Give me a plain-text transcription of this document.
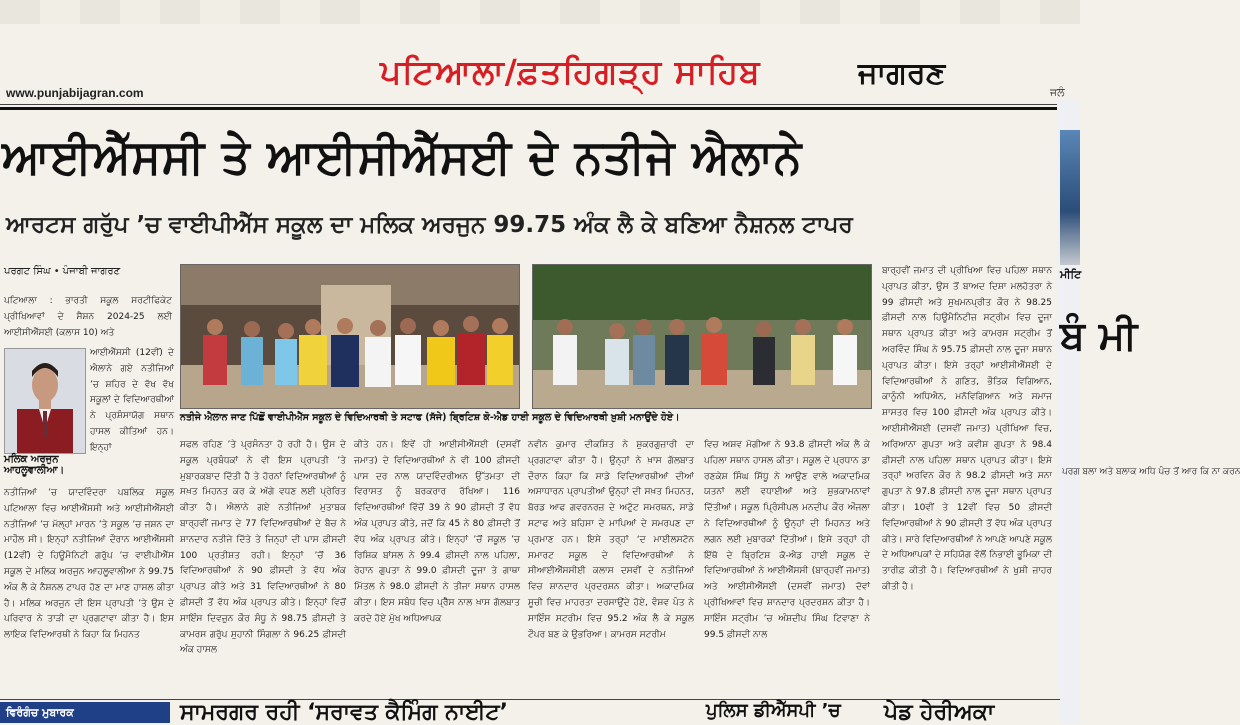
www.punjabijagran.com
ਪਟਿਆਲਾ/ਫ਼ਤਹਿਗੜ੍ਹ ਸਾਹਿਬ	ਜਾਗਰਣ
ਜਲੰ
ਆਈਐੱਸਸੀ ਤੇ ਆਈਸੀਐੱਸਈ ਦੇ ਨਤੀਜੇ ਐਲਾਨੇ
ਆਰਟਸ ਗਰੁੱਪ ’ਚ ਵਾਈਪੀਐੱਸ ਸਕੂਲ ਦਾ ਮਲਿਕ ਅਰਜੁਨ 99.75 ਅੰਕ ਲੈ ਕੇ ਬਣਿਆ ਨੈਸ਼ਨਲ ਟਾਪਰ
ਪਰਗਟ ਸਿੰਘ • ਪੰਜਾਬੀ ਜਾਗਰਣ
ਪਟਿਆਲਾ : ਭਾਰਤੀ ਸਕੂਲ ਸਰਟੀਫਿਕੇਟ ਪ੍ਰੀਖਿਆਵਾਂ ਦੇ ਸੈਸ਼ਨ 2024-25 ਲਈ ਆਈਸੀਐੱਸਈ (ਕਲਾਸ 10) ਅਤੇ
ਮਲਿਕ ਅਰਜੁਨ ਆਹਲੂਵਾਲੀਆ।
ਆਈਐੱਸਸੀ (12ਵੀਂ) ਦੇ ਐਲਾਨੇ ਗਏ ਨਤੀਜਿਆਂ ’ਚ ਸ਼ਹਿਰ ਦੇ ਵੱਖ ਵੱਖ ਸਕੂਲਾਂ ਦੇ ਵਿਦਿਆਰਥੀਆਂ ਨੇ ਪ੍ਰਸ਼ੰਸਾਯੋਗ ਸਥਾਨ ਹਾਸਲ ਕੀਤਿਆਂ ਹਨ। ਇਨ੍ਹਾਂ
ਨਤੀਜਿਆਂ ’ਚ ਯਾਦਵਿੰਦਰਾ ਪਬਲਿਕ ਸਕੂਲ ਪਟਿਆਲਾ ਵਿਚ ਆਈਐੱਸਸੀ ਅਤੇ ਆਈਸੀਐੱਸਈ ਨਤੀਜਿਆਂ ’ਚ ਮੱਲ੍ਹਾਂ ਮਾਰਨ ’ਤੇ ਸਕੂਲ ’ਚ ਜਸ਼ਨ ਦਾ ਮਾਹੌਲ ਸੀ। ਇਨ੍ਹਾਂ ਨਤੀਜਿਆਂ ਦੌਰਾਨ ਆਈਐੱਸਸੀ (12ਵੀਂ) ਦੇ ਹਿਊਮੈਨਿਟੀ ਗਰੁੱਪ ’ਚ ਵਾਈਪੀਐੱਸ ਸਕੂਲ ਦੇ ਮਲਿਕ ਅਰਜੁਨ ਆਹਲੂਵਾਲੀਆ ਨੇ 99.75 ਅੰਕ ਲੈ ਕੇ ਨੈਸ਼ਨਲ ਟਾਪਰ ਹੋਣ ਦਾ ਮਾਣ ਹਾਸਲ ਕੀਤਾ ਹੈ। ਮਲਿਕ ਅਰਜੁਨ ਦੀ ਇਸ ਪ੍ਰਾਪਤੀ ’ਤੇ ਉਸ ਦੇ ਪਰਿਵਾਰ ਨੇ ਤਾੜੀ ਦਾ ਪ੍ਰਗਟਾਵਾ ਕੀਤਾ ਹੈ। ਇਸ ਲਾਇਕ ਵਿਦਿਆਰਥੀ ਨੇ ਕਿਹਾ ਕਿ ਮਿਹਨਤ
ਨਤੀਜੇ ਐਲਾਨ ਜਾਣ ਪਿੱਛੋਂ ਵਾਈਪੀਐੱਸ ਸਕੂਲ ਦੇ ਵਿਦਿਆਰਥੀ ਤੇ ਸਟਾਫ (ਸੱਜੇ) ਬ੍ਰਿਟਿਸ਼ ਕੋ-ਐਡ ਹਾਈ ਸਕੂਲ ਦੇ ਵਿਦਿਆਰਥੀ ਖ਼ੁਸ਼ੀ ਮਨਾਉਂਦੇ ਹੋਏ।
ਸਫਲ ਰਹਿਣ ’ਤੇ ਪ੍ਰਸੰਨਤਾ ਹੋ ਰਹੀ ਹੈ। ਉਸ ਦੇ ਸਕੂਲ ਪ੍ਰਬੰਧਕਾਂ ਨੇ ਵੀ ਇਸ ਪ੍ਰਾਪਤੀ ’ਤੇ ਮੁਬਾਰਕਬਾਦ ਦਿੱਤੀ ਹੈ ਤੇ ਹੋਰਨਾਂ ਵਿਦਿਆਰਥੀਆਂ ਨੂੰ ਸਖ਼ਤ ਮਿਹਨਤ ਕਰ ਕੇ ਅੱਗੇ ਵਧਣ ਲਈ ਪ੍ਰੇਰਿਤ ਕੀਤਾ ਹੈ। ਐਲਾਨੇ ਗਏ ਨਤੀਜਿਆਂ ਮੁਤਾਬਕ ਬਾਰ੍ਹਵੀਂ ਜਮਾਤ ਦੇ 77 ਵਿਦਿਆਰਥੀਆਂ ਦੇ ਬੈਚ ਨੇ ਸ਼ਾਨਦਾਰ ਨਤੀਜੇ ਦਿੱਤੇ ਤੇ ਜਿਨ੍ਹਾਂ ਦੀ ਪਾਸ ਫ਼ੀਸਦੀ 100 ਪ੍ਰਤੀਸ਼ਤ ਰਹੀ। ਇਨ੍ਹਾਂ ’ਚੋਂ 36 ਵਿਦਿਆਰਥੀਆਂ ਨੇ 90 ਫ਼ੀਸਦੀ ਤੇ ਵੱਧ ਅੰਕ ਪ੍ਰਾਪਤ ਕੀਤੇ ਅਤੇ 31 ਵਿਦਿਆਰਥੀਆਂ ਨੇ 80 ਫ਼ੀਸਦੀ ਤੋਂ ਵੱਧ ਅੰਕ ਪ੍ਰਾਪਤ ਕੀਤੇ। ਇਨ੍ਹਾਂ ਵਿਚੋਂ ਸਾਇੰਸ ਦਿਵਜ਼ੁਨ ਕੌਰ ਸੰਧੂ ਨੇ 98.75 ਫ਼ੀਸਦੀ ਤੇ ਕਾਮਰਸ ਗਰੁੱਪ ਸੁਹਾਨੀ ਸਿੰਗਲਾ ਨੇ 96.25 ਫ਼ੀਸਦੀ ਅੰਕ ਹਾਸਲ
ਕੀਤੇ ਹਨ। ਇਵੇਂ ਹੀ ਆਈਸੀਐੱਸਈ (ਦਸਵੀਂ ਜਮਾਤ) ਦੇ ਵਿਦਿਆਰਥੀਆਂ ਨੇ ਵੀ 100 ਫ਼ੀਸਦੀ ਪਾਸ ਦਰ ਨਾਲ ਯਾਦਵਿੰਦਰੀਅਨ ਉੱਤਮਤਾ ਦੀ ਵਿਰਾਸਤ ਨੂੰ ਬਰਕਰਾਰ ਰੱਖਿਆ। 116 ਵਿਦਿਆਰਥੀਆਂ ਵਿੱਚੋਂ 39 ਨੇ 90 ਫ਼ੀਸਦੀ ਤੋਂ ਵੱਧ ਅੰਕ ਪ੍ਰਾਪਤ ਕੀਤੇ, ਜਦੋਂ ਕਿ 45 ਨੇ 80 ਫ਼ੀਸਦੀ ਤੋਂ ਵੱਧ ਅੰਕ ਪ੍ਰਾਪਤ ਕੀਤੇ। ਇਨ੍ਹਾਂ ’ਚੋਂ ਸਕੂਲ ’ਚ ਰਿਸ਼ਿਕ ਬਾਂਸਲ ਨੇ 99.4 ਫ਼ੀਸਦੀ ਨਾਲ ਪਹਿਲਾ, ਰੇਹਾਨ ਗੁਪਤਾ ਨੇ 99.0 ਫ਼ੀਸਦੀ ਦੂਜਾ ਤੇ ਗਾਥਾ ਮਿੱਤਲ ਨੇ 98.0 ਫ਼ੀਸਦੀ ਨੇ ਤੀਜਾ ਸਥਾਨ ਹਾਸਲ ਕੀਤਾ। ਇਸ ਸਬੰਧ ਵਿਚ ਪ੍ਰੈੱਸ ਨਾਲ ਖ਼ਾਸ ਗੱਲਬਾਤ ਕਰਦੇ ਹੋਏ ਮੁੱਖ ਅਧਿਆਪਕ
ਨਵੀਨ ਕੁਮਾਰ ਦੀਕਸ਼ਿਤ ਨੇ ਸ਼ੁਕਰਗੁਜ਼ਾਰੀ ਦਾ ਪ੍ਰਗਟਾਵਾ ਕੀਤਾ ਹੈ। ਉਨ੍ਹਾਂ ਨੇ ਖ਼ਾਸ ਗੱਲਬਾਤ ਦੌਰਾਨ ਕਿਹਾ ਕਿ ਸਾਡੇ ਵਿਦਿਆਰਥੀਆਂ ਦੀਆਂ ਅਸਾਧਾਰਨ ਪ੍ਰਾਪਤੀਆਂ ਉਨ੍ਹਾਂ ਦੀ ਸਖ਼ਤ ਮਿਹਨਤ, ਬੋਰਡ ਆਫ ਗਵਰਨਰਜ਼ ਦੇ ਅਟੁੱਟ ਸਮਰਥਨ, ਸਾਡੇ ਸਟਾਫ ਅਤੇ ਬਹਿਸਾ ਦੇ ਮਾਪਿਆਂ ਦੇ ਸਮਰਪਣ ਦਾ ਪ੍ਰਮਾਣ ਹਨ। ਇਸੇ ਤਰ੍ਹਾਂ ‘ਦ ਮਾਈਲਸਟੋਨ ਸਮਾਰਟ ਸਕੂਲ ਦੇ ਵਿਦਿਆਰਥੀਆਂ ਨੇ ਸੀਆਈਐੱਸਸੀਈ ਕਲਾਸ ਦਸਵੀਂ ਦੇ ਨਤੀਜਿਆਂ ਵਿਚ ਸ਼ਾਨਦਾਰ ਪ੍ਰਦਰਸ਼ਨ ਕੀਤਾ। ਅਕਾਦਮਿਕ ਸੂਚੀ ਵਿਚ ਮਾਹਰਤਾ ਦਰਸਾਉਂਦੇ ਹੋਏ, ਵੰਸ਼ਵ ਪੰਤ ਨੇ ਸਾਇੰਸ ਸਟਰੀਮ ਵਿਚ 95.2 ਅੰਕ ਲੈ ਕੇ ਸਕੂਲ ਟੌਪਰ ਬਣ ਕੇ ਉਭਰਿਆ। ਕਾਮਰਸ ਸਟਰੀਮ
ਵਿਚ ਅਸ਼ਵ ਮੋਗੀਆ ਨੇ 93.8 ਫ਼ੀਸਦੀ ਅੰਕ ਲੈ ਕੇ ਪਹਿਲਾ ਸਥਾਨ ਹਾਸਲ ਕੀਤਾ। ਸਕੂਲ ਦੇ ਪ੍ਰਧਾਨ ਡਾ ਰਣਕੇਸ਼ ਸਿੰਘ ਸਿੱਧੂ ਨੇ ਆਉਣ ਵਾਲੇ ਅਕਾਦਮਿਕ ਯਤਨਾਂ ਲਈ ਵਧਾਈਆਂ ਅਤੇ ਸ਼ੁਭਕਾਮਨਾਵਾਂ ਦਿੱਤੀਆਂ। ਸਕੂਲ ਪ੍ਰਿੰਸੀਪਲ ਮਨਦੀਪ ਕੌਰ ਔਜਲਾ ਨੇ ਵਿਦਿਆਰਥੀਆਂ ਨੂੰ ਉਨ੍ਹਾਂ ਦੀ ਮਿਹਨਤ ਅਤੇ ਲਗਨ ਲਈ ਮੁਬਾਰਕਾਂ ਦਿੱਤੀਆਂ। ਇਸੇ ਤਰ੍ਹਾਂ ਹੀ ਇੱਥੋ ਦੇ ਬ੍ਰਿਟਿਸ਼ ਕੋ-ਐਡ ਹਾਈ ਸਕੂਲ ਦੇ ਵਿਦਿਆਰਥੀਆਂ ਨੇ ਆਈਐੱਸਸੀ (ਬਾਰ੍ਹਵੀਂ ਜਮਾਤ) ਅਤੇ ਆਈਸੀਐੱਸਈ (ਦਸਵੀਂ ਜਮਾਤ) ਦੋਵਾਂ ਪ੍ਰੀਖਿਆਵਾਂ ਵਿਚ ਸ਼ਾਨਦਾਰ ਪ੍ਰਦਰਸ਼ਨ ਕੀਤਾ ਹੈ। ਸਾਇੰਸ ਸਟ੍ਰੀਮ ’ਚ ਅੰਸ਼ਦੀਪ ਸਿੰਘ ਟਿਵਾਣਾ ਨੇ 99.5 ਫ਼ੀਸਦੀ ਨਾਲ
ਬਾਰ੍ਹਵੀਂ ਜਮਾਤ ਦੀ ਪ੍ਰੀਖਿਆ ਵਿਚ ਪਹਿਲਾ ਸਥਾਨ ਪ੍ਰਾਪਤ ਕੀਤਾ, ਉਸ ਤੋਂ ਬਾਅਦ ਦਿਸ਼ਾ ਮਲਹੋਤਰਾ ਨੇ 99 ਫ਼ੀਸਦੀ ਅਤੇ ਸੁਖਮਨਪ੍ਰੀਤ ਕੌਰ ਨੇ 98.25 ਫ਼ੀਸਦੀ ਨਾਲ ਹਿਊਮੈਨਿਟੀਜ਼ ਸਟ੍ਰੀਮ ਵਿਚ ਦੂਜਾ ਸਥਾਨ ਪ੍ਰਾਪਤ ਕੀਤਾ ਅਤੇ ਕਾਮਰਸ ਸਟ੍ਰੀਮ ਤੋਂ ਅਰਵਿੰਦ ਸਿੰਘ ਨੇ 95.75 ਫ਼ੀਸਦੀ ਨਾਲ ਦੂਜਾ ਸਥਾਨ ਪ੍ਰਾਪਤ ਕੀਤਾ। ਇਸੇ ਤਰ੍ਹਾਂ ਆਈਸੀਐੱਸਈ ਦੇ ਵਿਦਿਆਰਥੀਆਂ ਨੇ ਗਣਿਤ, ਭੌਤਿਕ ਵਿਗਿਆਨ, ਕਾਨੂੰਨੀ ਅਧਿਐਨ, ਮਨੋਵਿਗਿਆਨ ਅਤੇ ਸਮਾਜ ਸ਼ਾਸਤਰ ਵਿਚ 100 ਫ਼ੀਸਦੀ ਅੰਕ ਪ੍ਰਾਪਤ ਕੀਤੇ। ਆਈਸੀਐੱਸਈ (ਦਸਵੀਂ ਜਮਾਤ) ਪ੍ਰੀਖਿਆ ਵਿਚ, ਅਰਿਆਨਾ ਗੁਪਤਾ ਅਤੇ ਕਵੀਸ਼ ਗੁਪਤਾ ਨੇ 98.4 ਫ਼ੀਸਦੀ ਨਾਲ ਪਹਿਲਾ ਸਥਾਨ ਪ੍ਰਾਪਤ ਕੀਤਾ। ਇਸੇ ਤਰ੍ਹਾਂ ਅਰਵਿਨ ਕੌਰ ਨੇ 98.2 ਫ਼ੀਸਦੀ ਅਤੇ ਸਨਾ ਗੁਪਤਾ ਨੇ 97.8 ਫ਼ੀਸਦੀ ਨਾਲ ਦੂਜਾ ਸਥਾਨ ਪ੍ਰਾਪਤ ਕੀਤਾ। 10ਵੀਂ ਤੇ 12ਵੀਂ ਵਿਚ 50 ਫ਼ੀਸਦੀ ਵਿਦਿਆਰਥੀਆਂ ਨੇ 90 ਫ਼ੀਸਦੀ ਤੋਂ ਵੱਧ ਅੰਕ ਪ੍ਰਾਪਤ ਕੀਤੇ। ਸਾਰੇ ਵਿਦਿਆਰਥੀਆਂ ਨੇ ਆਪਣੇ ਆਪਣੇ ਸਕੂਲ ਦੇ ਅਧਿਆਪਕਾਂ ਦੇ ਸਹਿਯੋਗ ਵੱਲੋਂ ਨਿਭਾਈ ਭੂਮਿਕਾ ਦੀ ਤਾਰੀਫ਼ ਕੀਤੀ ਹੈ। ਵਿਦਿਆਰਥੀਆਂ ਨੇ ਖੁਸ਼ੀ ਜ਼ਾਹਰ ਕੀਤੀ ਹੈ।
ਮੀਟਿ
ਬੰ ਮੀ
ਪਰਗ ਬਲਾ ਅਤੇ ਬਲਾਕ ਅਧਿ ਪੰਚ ਤੋਂ ਆਰ ਕਿ ਨਾ ਕਰਨ
ਵਿਰੰਗੰਚ ਮੁਬਾਰਕ	ਸਾਮਰਗਰ ਰਹੀ ‘ਸਰਾਵਤ ਕੈਮਿੰਗ ਨਾਈਟ’	ਪੁਲਿਸ ਡੀਐੱਸਪੀ ’ਚ ਪੇਡ ਹੇਰੀਅਕਾ
